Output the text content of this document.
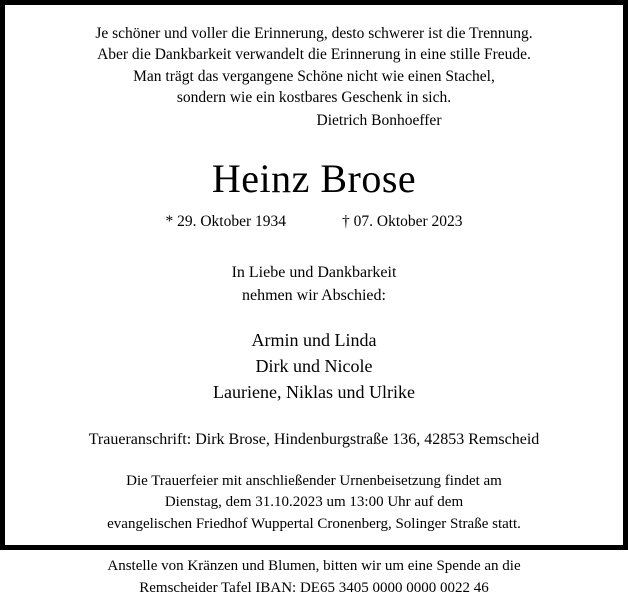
Je schöner und voller die Erinnerung, desto schwerer ist die Trennung.
Aber die Dankbarkeit verwandelt die Erinnerung in eine stille Freude.
Man trägt das vergangene Schöne nicht wie einen Stachel,
sondern wie ein kostbares Geschenk in sich.
Dietrich Bonhoeffer
Heinz Brose
* 29. Oktober 1934	† 07. Oktober 2023
In Liebe und Dankbarkeit
nehmen wir Abschied:
Armin und Linda
Dirk und Nicole
Lauriene, Niklas und Ulrike
Traueranschrift: Dirk Brose, Hindenburgstraße 136, 42853 Remscheid
Die Trauerfeier mit anschließender Urnenbeisetzung findet am
Dienstag, dem 31.10.2023 um 13:00 Uhr auf dem
evangelischen Friedhof Wuppertal Cronenberg, Solinger Straße statt.
Anstelle von Kränzen und Blumen, bitten wir um eine Spende an die
Remscheider Tafel IBAN: DE65 3405 0000 0000 0022 46
